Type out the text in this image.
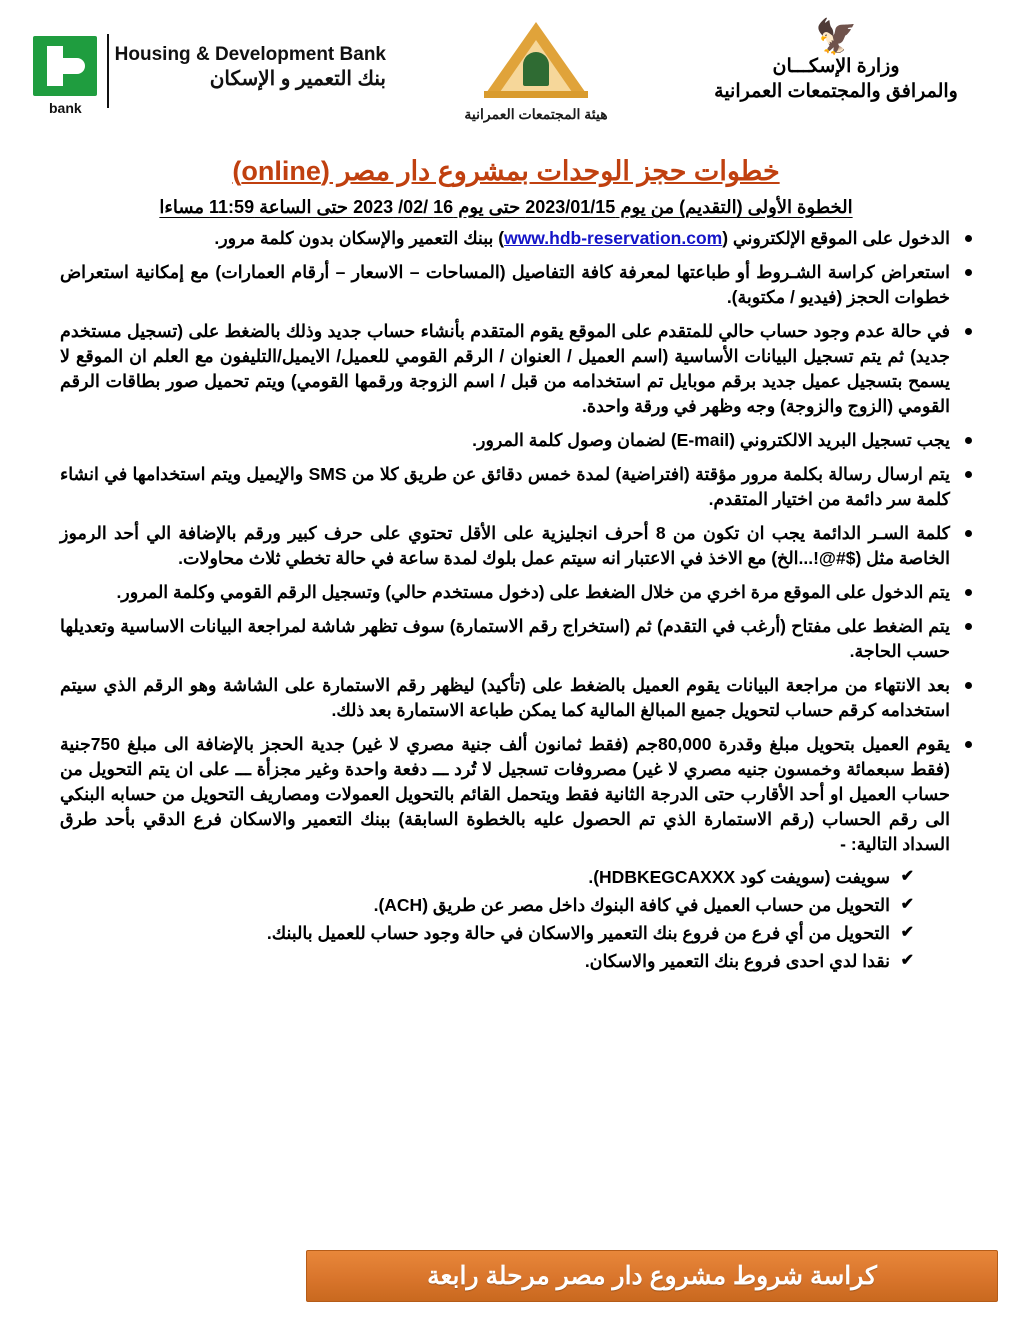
bank
Housing & Development Bank
بنك التعمير و الإسكان
هيئة المجتمعات العمرانية
🦅
وزارة الإسكـــان
والمرافق والمجتمعات العمرانية
خطوات حجز الوحدات بمشروع دار مصر (online)
الخطوة الأولى (التقديم) من يوم 2023/01/15 حتى يوم 16 /02/ 2023 حتى الساعة 11:59 مساءا
الدخول على الموقع الإلكتروني (www.hdb-reservation.com) ببنك التعمير والإسكان بدون كلمة مرور.
استعراض كراسة الشـروط أو طباعتها لمعرفة كافة التفاصيل (المساحات – الاسعار – أرقام العمارات) مع إمكانية استعراض خطوات الحجز (فيديو / مكتوبة).
في حالة عدم وجود حساب حالي للمتقدم على الموقع يقوم المتقدم بأنشاء حساب جديد وذلك بالضغط على (تسجيل مستخدم جديد) ثم يتم تسجيل البيانات الأساسية (اسم العميل / العنوان / الرقم القومي للعميل/ الايميل/التليفون مع العلم ان الموقع لا يسمح بتسجيل عميل جديد برقم موبايل تم استخدامه من قبل / اسم الزوجة ورقمها القومي) ويتم تحميل صور بطاقات الرقم القومي (الزوج والزوجة) وجه وظهر في ورقة واحدة.
يجب تسجيل البريد الالكتروني (E-mail) لضمان وصول كلمة المرور.
يتم ارسال رسالة بكلمة مرور مؤقتة (افتراضية) لمدة خمس دقائق عن طريق كلا من SMS والإيميل ويتم استخدامها في انشاء كلمة سر دائمة من اختيار المتقدم.
كلمة السـر الدائمة يجب ان تكون من 8 أحرف انجليزية على الأقل تحتوي على حرف كبير ورقم بالإضافة الي أحد الرموز الخاصة مثل ($#@!...الخ) مع الاخذ في الاعتبار انه سيتم عمل بلوك لمدة ساعة في حالة تخطي ثلاث محاولات.
يتم الدخول على الموقع مرة اخري من خلال الضغط على (دخول مستخدم حالي) وتسجيل الرقم القومي وكلمة المرور.
يتم الضغط على مفتاح (أرغب في التقدم) ثم (استخراج رقم الاستمارة) سوف تظهر شاشة لمراجعة البيانات الاساسية وتعديلها حسب الحاجة.
بعد الانتهاء من مراجعة البيانات يقوم العميل بالضغط على (تأكيد) ليظهر رقم الاستمارة على الشاشة وهو الرقم الذي سيتم استخدامه كرقم حساب لتحويل جميع المبالغ المالية كما يمكن طباعة الاستمارة بعد ذلك.
يقوم العميل بتحويل مبلغ وقدرة 80,000جم (فقط ثمانون ألف جنية مصري لا غير) جدية الحجز بالإضافة الى مبلغ 750جنية (فقط سبعمائة وخمسون جنيه مصري لا غير) مصروفات تسجيل لا تُرد ـــ دفعة واحدة وغير مجزأة ـــ على ان يتم التحويل من حساب العميل او أحد الأقارب حتى الدرجة الثانية فقط ويتحمل القائم بالتحويل العمولات ومصاريف التحويل من حسابه البنكي الى رقم الحساب (رقم الاستمارة الذي تم الحصول عليه بالخطوة السابقة) ببنك التعمير والاسكان فرع الدقي بأحد طرق السداد التالية: -
✔ سويفت (سويفت كود HDBKEGCAXXX).
✔ التحويل من حساب العميل في كافة البنوك داخل مصر عن طريق (ACH).
✔ التحويل من أي فرع من فروع بنك التعمير والاسكان في حالة وجود حساب للعميل بالبنك.
✔ نقدا لدي احدى فروع بنك التعمير والاسكان.
كراسة شروط مشروع دار مصر مرحلة رابعة
